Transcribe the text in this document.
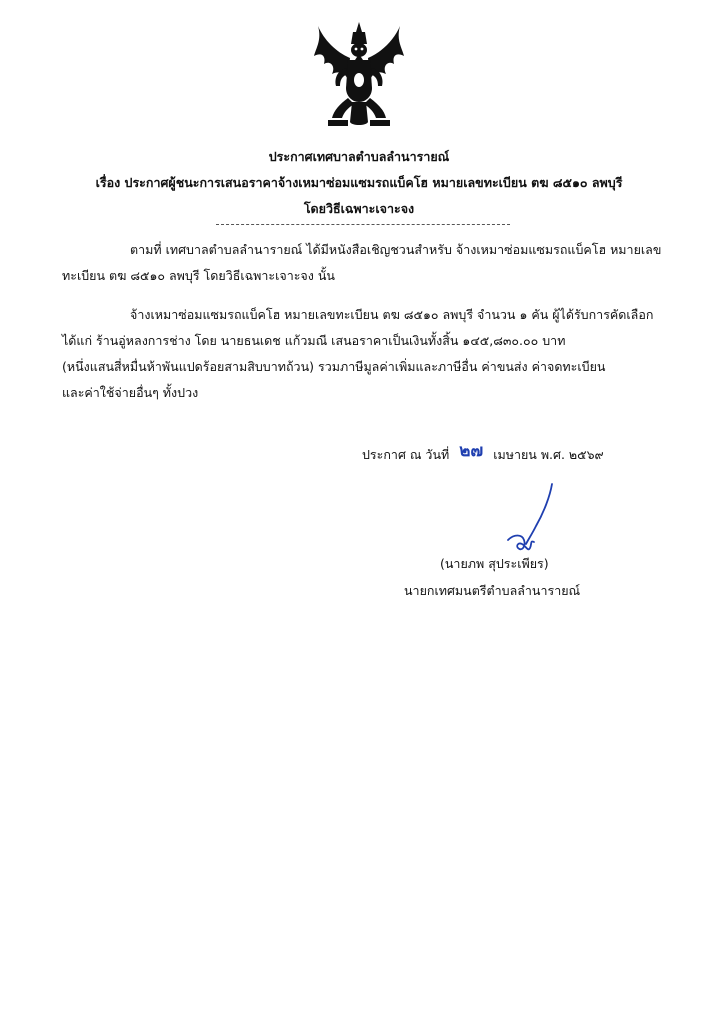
ประกาศเทศบาลตำบลลำนารายณ์
เรื่อง ประกาศผู้ชนะการเสนอราคาจ้างเหมาซ่อมแซมรถแบ็คโฮ หมายเลขทะเบียน ตฆ ๘๕๑๐ ลพบุรี
โดยวิธีเฉพาะเจาะจง
ตามที่ เทศบาลตำบลลำนารายณ์ ได้มีหนังสือเชิญชวนสำหรับ จ้างเหมาซ่อมแซมรถแบ็คโฮ หมายเลข
ทะเบียน ตฆ ๘๕๑๐ ลพบุรี โดยวิธีเฉพาะเจาะจง นั้น
จ้างเหมาซ่อมแซมรถแบ็คโฮ หมายเลขทะเบียน ตฆ ๘๕๑๐ ลพบุรี จำนวน ๑ คัน ผู้ได้รับการคัดเลือก
ได้แก่ ร้านอู่หลงการช่าง โดย นายธนเดช แก้วมณี เสนอราคาเป็นเงินทั้งสิ้น ๑๔๕,๘๓๐.๐๐ บาท
(หนึ่งแสนสี่หมื่นห้าพันแปดร้อยสามสิบบาทถ้วน) รวมภาษีมูลค่าเพิ่มและภาษีอื่น ค่าขนส่ง ค่าจดทะเบียน
และค่าใช้จ่ายอื่นๆ ทั้งปวง
ประกาศ ณ วันที่ ๒๗ เมษายน พ.ศ. ๒๕๖๙
(นายภพ สุประเพียร)
นายกเทศมนตรีตำบลลำนารายณ์
